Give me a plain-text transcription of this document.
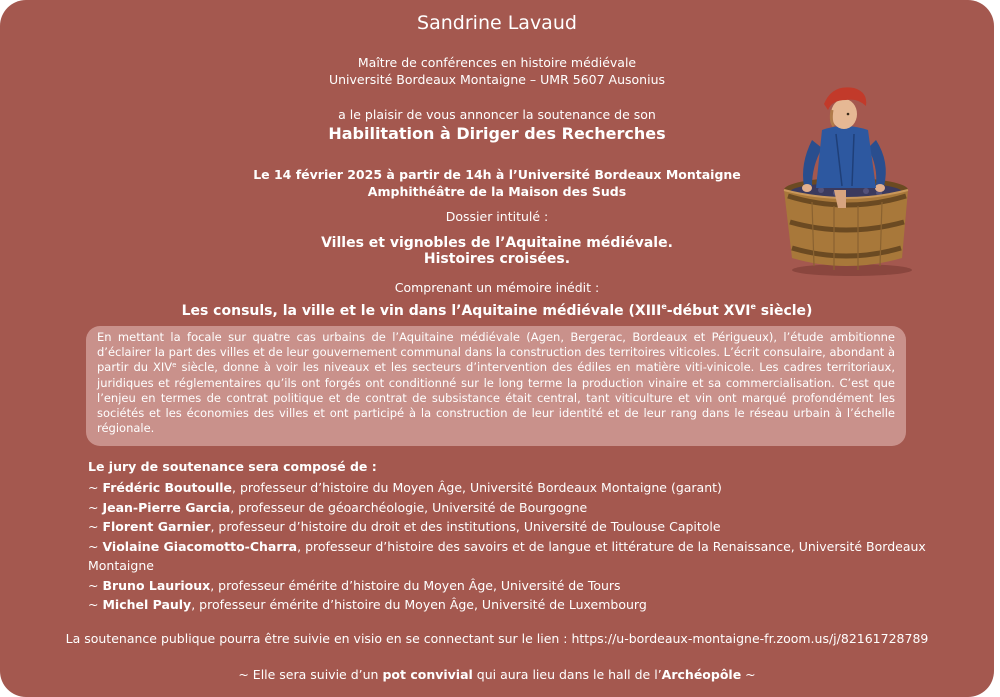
Sandrine Lavaud
Maître de conférences en histoire médiévale
Université Bordeaux Montaigne – UMR 5607 Ausonius
a le plaisir de vous annoncer la soutenance de son
Habilitation à Diriger des Recherches
Le 14 février 2025 à partir de 14h à l’Université Bordeaux Montaigne
Amphithéâtre de la Maison des Suds
Dossier intitulé :
Villes et vignobles de l’Aquitaine médiévale.
Histoires croisées.
Comprenant un mémoire inédit :
Les consuls, la ville et le vin dans l’Aquitaine médiévale (XIIIe-début XVIe siècle)
En mettant la focale sur quatre cas urbains de l’Aquitaine médiévale (Agen, Bergerac, Bordeaux et Périgueux), l’étude ambitionne d’éclairer la part des villes et de leur gouvernement communal dans la construction des territoires viticoles. L’écrit consulaire, abondant à partir du XIVe siècle, donne à voir les niveaux et les secteurs d’intervention des édiles en matière viti-vinicole. Les cadres territoriaux, juridiques et réglementaires qu’ils ont forgés ont conditionné sur le long terme la production vinaire et sa commercialisation. C’est que l’enjeu en termes de contrat politique et de contrat de subsistance était central, tant viticulture et vin ont marqué profondément les sociétés et les économies des villes et ont participé à la construction de leur identité et de leur rang dans le réseau urbain à l’échelle régionale.
Le jury de soutenance sera composé de :
~ Frédéric Boutoulle, professeur d’histoire du Moyen Âge, Université Bordeaux Montaigne (garant)
~ Jean-Pierre Garcia, professeur de géoarchéologie, Université de Bourgogne
~ Florent Garnier, professeur d’histoire du droit et des institutions, Université de Toulouse Capitole
~ Violaine Giacomotto-Charra, professeur d’histoire des savoirs et de langue et littérature de la Renaissance, Université Bordeaux Montaigne
~ Bruno Laurioux, professeur émérite d’histoire du Moyen Âge, Université de Tours
~ Michel Pauly, professeur émérite d’histoire du Moyen Âge, Université de Luxembourg
La soutenance publique pourra être suivie en visio en se connectant sur le lien : https://u-bordeaux-montaigne-fr.zoom.us/j/82161728789
~ Elle sera suivie d’un pot convivial qui aura lieu dans le hall de l’Archéopôle ~
